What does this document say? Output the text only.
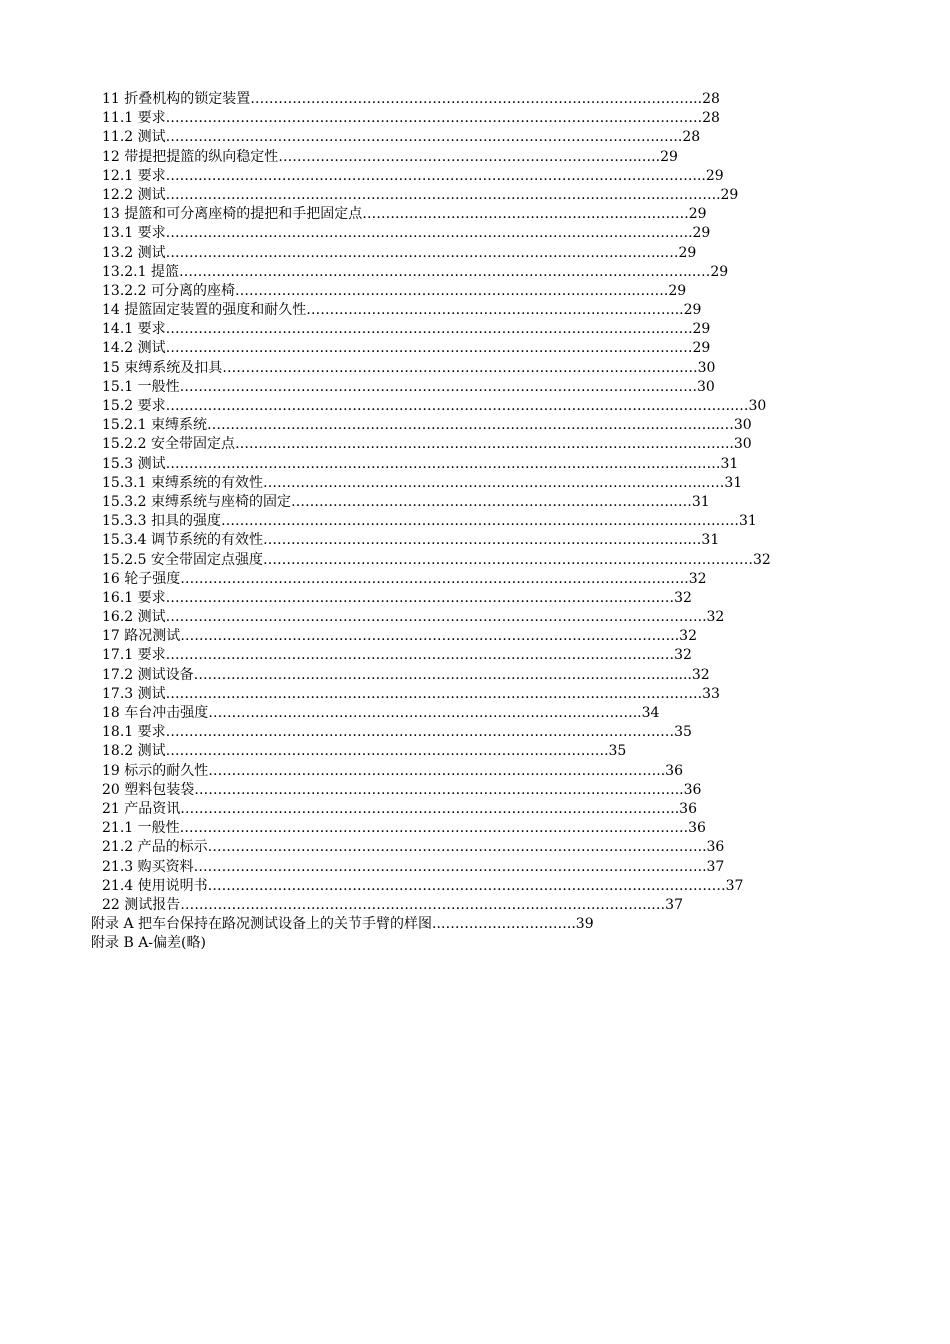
11 折叠机构的锁定装置……………………………………………………………….…………………...28
11.1 要求…………………………………………………………………………………………………….28
11.2 测试……………………………………………………………..……………………….…….…..28
12 带提把提篮的纵向稳定性…………………………………………………………………..…..29
12.1 要求……..……………………………………………………………………………………………...29
12.2 测试………………………………………………………………………………………………………..29
13 提篮和可分离座椅的提把和手把固定点…………………………………………………………….29
13.1 要求…………………………………………………………………………………………………..29
13.2 测试……………………………………………………………………………………………..…29
13.2.1 提篮………………………………………………………………………………………………...…29
13.2.2 可分离的座椅…………………………………………………………………………..…….29
14 提篮固定装置的强度和耐久性……………………………………………………………………...29
14.1 要求…………………………………………………………………………………………….…….29
14.2 测试……….……………………………………………………………………………………….…29
15 束缚系统及扣具……………………………………………………………………………………..….30
15.1 一般性………………………………………………………………………………………..……….30
15.2 要求…………………………………………………………………………………………………………..…30
15.2.1 束缚系统………………………………………………………………………………………………..…30
15.2.2 安全带固定点……………………………………………………………………………………………..30
15.3 测试…………………………………………………………………………………………………..……31
15.3.1 束缚系统的有效性…………………………………………………………………………………...…31
15.3.2 束缚系统与座椅的固定………………………………………………………………………..…31
15.3.3 扣具的强度…………………………………………………………………………………………………31
15.3.4 调节系统的有效性……………………………………………………………………………….…31
15.2.5 安全带固定点强度……………………………………………………………………………………………32
16 轮子强度……………………………………………………………………………………………….32
16.1 要求…………………………………………………………………………………………….…32
16.2 测试……………………………………………………………………………………………………..32
17 路况测试……………………………………………………………………………………………..32
17.1 要求…………………………………………………………………………………………….…32
17.2 测试设备………………………………………………………………………………………….....32
17.3 测试…………………………………………………………………………………………………….33
18 车台冲击强度…………………………………………………………………………….…..34
18.1 要求…………………………………………………………………………………………….…35
18.2 测试………………………………………………………………………….……….35
19 标示的耐久性……………………………………………………………………………………..36
20 塑料包装袋……………………………………………………………………………………….…..36
21 产品资讯……………………………………………………………………………………………..36
21.1 一般性……………………………………………………………………………………………….36
21.2 产品的标示……………………………………………………………………………………………..36
21.3 购买资料………………………………………………………………………………………………..37
21.4 使用说明书…………………………………………………………………………………………………37
22 测试报告………………………………………………………………………………………..…37
附录 A 把车台保持在路况测试设备上的关节手臂的样图..………………………..39
附录 B A-偏差(略)
